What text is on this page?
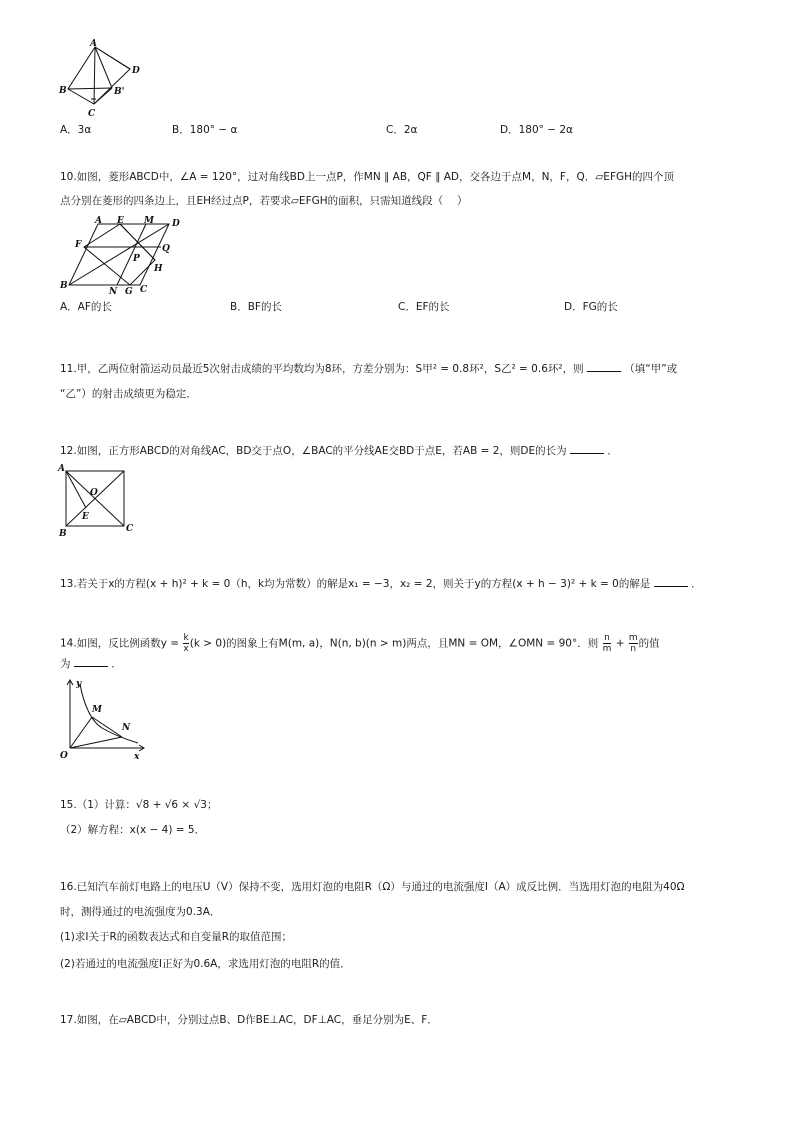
A
B
C
D
B'
A．3α	B．180° − α	C．2α	D．180° − 2α
10.如图，菱形ABCD中，∠A = 120°，过对角线BD上一点P，作MN ∥ AB，QF ∥ AD，交各边于点M，N，F，Q．▱EFGH的四个顶
点分别在菱形的四条边上，且EH经过点P，若要求▱EFGH的面积，只需知道线段（　 ）
A E M D
F	Q
P
H
B
N G C
A．AF的长	B．BF的长	C．EF的长	D．FG的长
11.甲，乙两位射箭运动员最近5次射击成绩的平均数均为8环，方差分别为：S甲² = 0.8环²，S乙² = 0.6环²，则	（填“甲”或
“乙”）的射击成绩更为稳定．
12.如图，正方形ABCD的对角线AC，BD交于点O，∠BAC的平分线AE交BD于点E，若AB = 2，则DE的长为	．
A
O
E
B	C
13.若关于x的方程(x + h)² + k = 0（h，k均为常数）的解是x₁ = −3，x₂ = 2，则关于y的方程(x + h − 3)² + k = 0的解是	．
14.如图，反比例函数$y = \frac{k}{x} (k > 0)$的图象上有M(m, a)，N(n, b)(n > m)两点，且MN = OM，∠OMN = 90°．则 $\frac{n}{m} + \frac{m}{n}$ 的值
为	．
y
M
N
O	x
15.（1）计算：√8 + √6 × √3；
（2）解方程：x(x − 4) = 5．
16.已知汽车前灯电路上的电压U（V）保持不变，选用灯泡的电阻R（Ω）与通过的电流强度I（A）成反比例．当选用灯泡的电阻为40Ω
时，测得通过的电流强度为0.3A．
(1)求I关于R的函数表达式和自变量R的取值范围；
(2)若通过的电流强度I正好为0.6A，求选用灯泡的电阻R的值．
17.如图，在▱ABCD中，分别过点B、D作BE⊥AC，DF⊥AC，垂足分别为E、F．
